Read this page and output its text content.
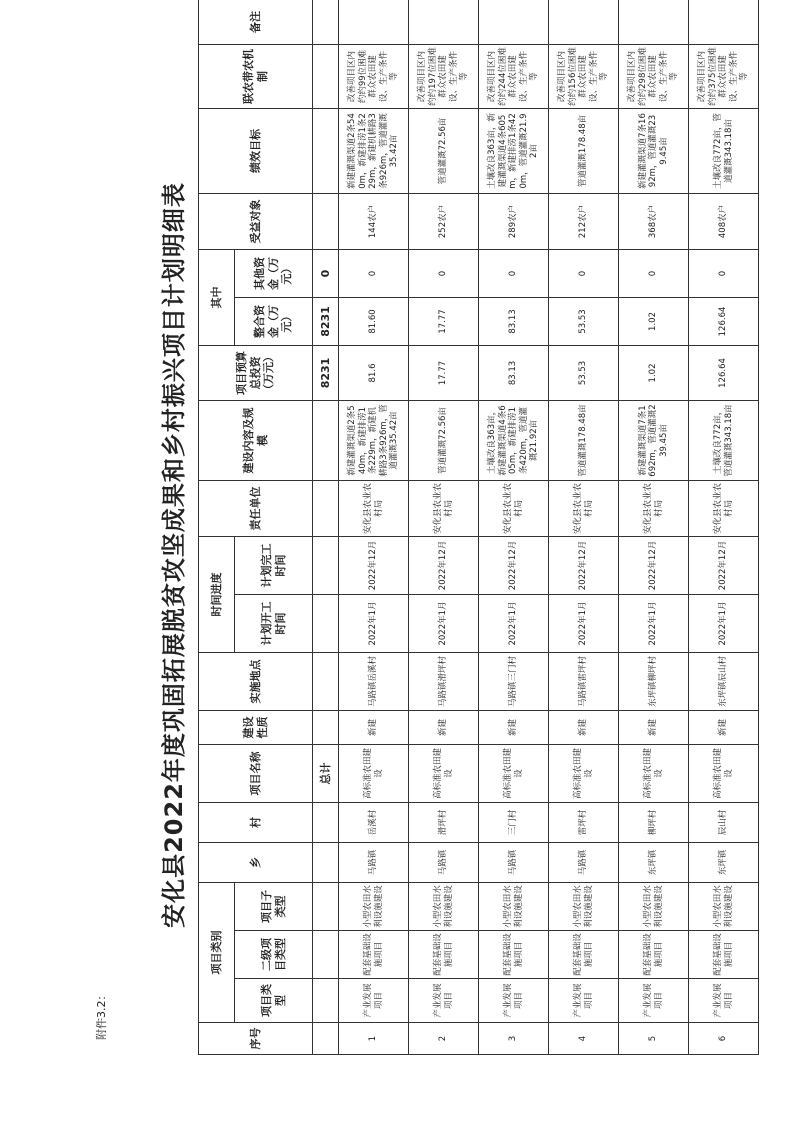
附件3.2：
安化县2022年度巩固拓展脱贫攻坚成果和乡村振兴项目计划明细表
序号	项目类别			乡	村	项目名称	建设性质	实施地点	时间进度		责任单位	建设内容及规模	项目预算总投资（万元）	其中		受益对象	绩效目标	联农带农机制	备注
	项目类型	二级项目类型	项目子类型						计划开工时间	计划完工时间				整合资金（万元）	其他资金（万元）				
						总计							8231	8231	0				
1	产业发展项目	配套基础设施项目	小型农田水利设施建设	马路镇	岳溪村	高标准农田建设	新建	马路镇岳溪村	2022年1月	2022年12月	安化县农业农村局	新建灌溉渠道2条540m，新建排涝1条229m，新建机耕路3条926m，管道灌溉35.42亩	81.6	81.60	0	144农户	新建灌溉渠道2条540m，新建排涝1条229m，新建机耕路3条926m，管道灌溉35.42亩	改善项目区内约约99位困难群众农田建设、生产条件等	
2	产业发展项目	配套基础设施项目	小型农田水利设施建设	马路镇	滑坪村	高标准农田建设	新建	马路镇滑坪村	2022年1月	2022年12月	安化县农业农村局	管道灌溉72.56亩	17.77	17.77	0	252农户	管道灌溉72.56亩	改善项目区内约约197位困难群众农田建设、生产条件等	
3	产业发展项目	配套基础设施项目	小型农田水利设施建设	马路镇	三门村	高标准农田建设	新建	马路镇三门村	2022年1月	2022年12月	安化县农业农村局	土壤改良363亩，新建灌溉渠道4条605m，新建排涝1条420m，管道灌溉21.92亩	83.13	83.13	0	289农户	土壤改良363亩，新建灌溉渠道4条605m，新建排涝1条420m，管道灌溉21.92亩	改善项目区内约约244位困难群众农田建设、生产条件等	
4	产业发展项目	配套基础设施项目	小型农田水利设施建设	马路镇	雷坪村	高标准农田建设	新建	马路镇雷坪村	2022年1月	2022年12月	安化县农业农村局	管道灌溉178.48亩	53.53	53.53	0	212农户	管道灌溉178.48亩	改善项目区内约约156位困难群众农田建设、生产条件等	
5	产业发展项目	配套基础设施项目	小型农田水利设施建设	东坪镇	柳坪村	高标准农田建设	新建	东坪镇柳坪村	2022年1月	2022年12月	安化县农业农村局	新建灌溉渠道7条1692m，管道灌溉239.45亩	1.02	1.02	0	368农户	新建灌溉渠道7条1692m，管道灌溉239.45亩	改善项目区内约约298位困难群众农田建设、生产条件等	
6	产业发展项目	配套基础设施项目	小型农田水利设施建设	东坪镇	辰山村	高标准农田建设	新建	东坪镇辰山村	2022年1月	2022年12月	安化县农业农村局	土壤改良772亩，管道灌溉343.18亩	126.64	126.64	0	408农户	土壤改良772亩，管道灌溉343.18亩	改善项目区内约约375位困难群众农田建设、生产条件等	
